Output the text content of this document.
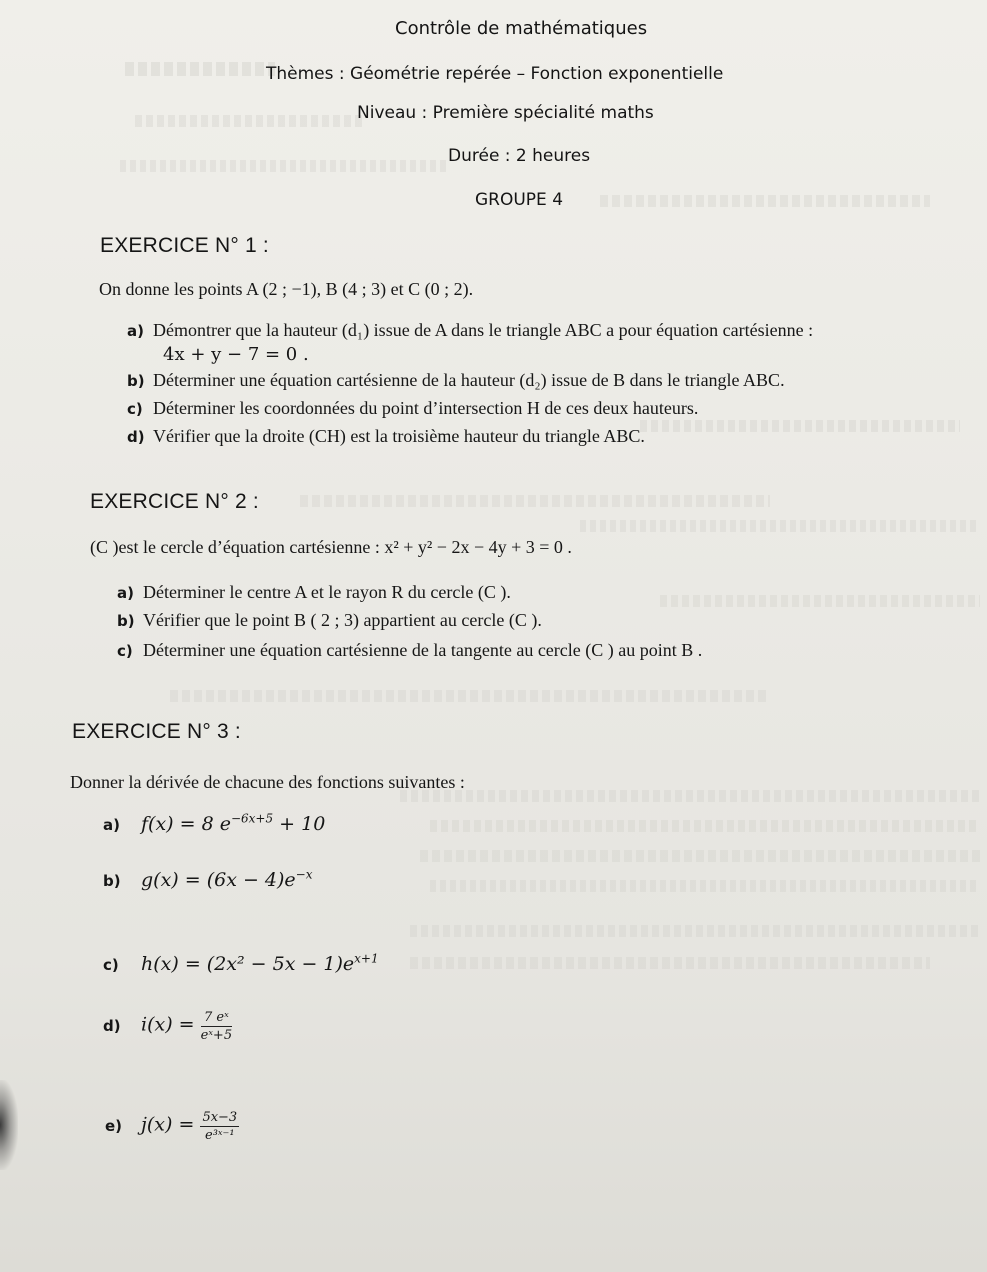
Contrôle de mathématiques
Thèmes : Géométrie repérée – Fonction exponentielle
Niveau : Première spécialité maths
Durée : 2 heures
GROUPE 4
EXERCICE N° 1 :
On donne les points A (2 ; −1), B (4 ; 3) et C (0 ; 2).
a) Démontrer que la hauteur (d₁) issue de A dans le triangle ABC a pour équation cartésienne :
4x + y − 7 = 0 .
b) Déterminer une équation cartésienne de la hauteur (d₂) issue de B dans le triangle ABC.
c) Déterminer les coordonnées du point d’intersection H de ces deux hauteurs.
d) Vérifier que la droite (CH) est la troisième hauteur du triangle ABC.
EXERCICE N° 2 :
(C )est le cercle d’équation cartésienne : x² + y² − 2x − 4y + 3 = 0 .
a) Déterminer le centre A et le rayon R du cercle (C ).
b) Vérifier que le point B ( 2 ; 3) appartient au cercle (C ).
c) Déterminer une équation cartésienne de la tangente au cercle (C ) au point B .
EXERCICE N° 3 :
Donner la dérivée de chacune des fonctions suivantes :
a) f(x) = 8 $e^{-6x+5} + 10$
b) $g(x) = (6x - 4)e^{-x}$
c) $h(x) = (2x^2 - 5x - 1)e^{x+1}$
d) $i(x) = \frac{\text{7 eˣ}}{\text{eˣ+5}}$
e) $j(x) = \frac{5x-3}{\text{e³ˣ⁻¹}}$
